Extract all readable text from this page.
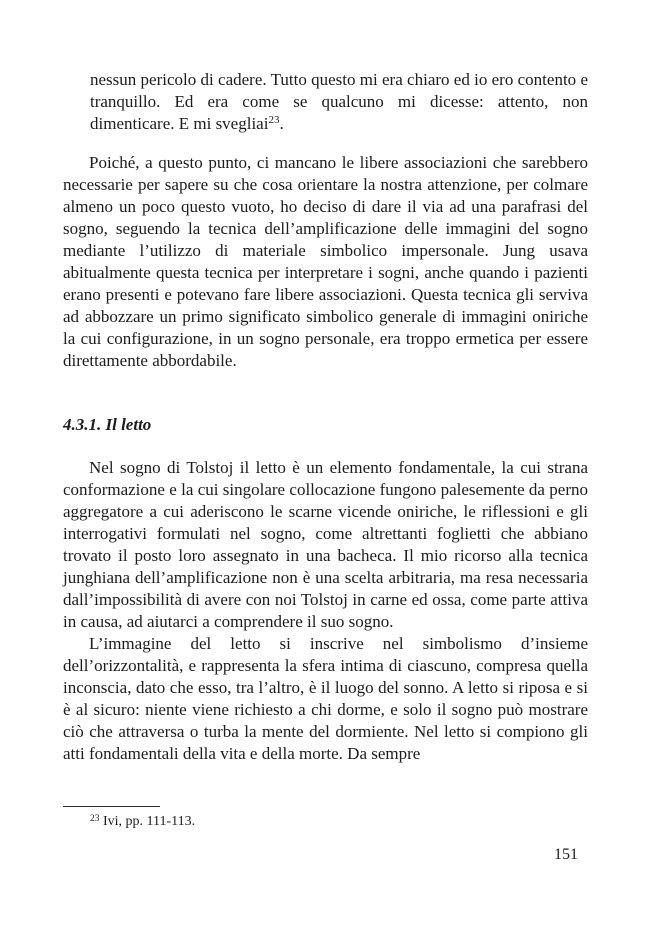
nessun pericolo di cadere. Tutto questo mi era chiaro ed io ero contento e tranquillo. Ed era come se qualcuno mi dicesse: attento, non dimenticare. E mi svegliai$^{23}$.

Poiché, a questo punto, ci mancano le libere associazioni che sarebbero necessarie per sapere su che cosa orientare la nostra attenzione, per colmare almeno un poco questo vuoto, ho deciso di dare il via ad una parafrasi del sogno, seguendo la tecnica dell’amplificazione delle immagini del sogno mediante l’utilizzo di materiale simbolico impersonale. Jung usava abitualmente questa tecnica per interpretare i sogni, anche quando i pazienti erano presenti e potevano fare libere associazioni. Questa tecnica gli serviva ad abbozzare un primo significato simbolico generale di immagini oniriche la cui configurazione, in un sogno personale, era troppo ermetica per essere direttamente abbordabile.

4.3.1. Il letto

Nel sogno di Tolstoj il letto è un elemento fondamentale, la cui strana conformazione e la cui singolare collocazione fungono palesemente da perno aggregatore a cui aderiscono le scarne vicende oniriche, le riflessioni e gli interrogativi formulati nel sogno, come altrettanti foglietti che abbiano trovato il posto loro assegnato in una bacheca. Il mio ricorso alla tecnica junghiana dell’amplificazione non è una scelta arbitraria, ma resa necessaria dall’impossibilità di avere con noi Tolstoj in carne ed ossa, come parte attiva in causa, ad aiutarci a comprendere il suo sogno.

L’immagine del letto si inscrive nel simbolismo d’insieme dell’orizzontalità, e rappresenta la sfera intima di ciascuno, compresa quella inconscia, dato che esso, tra l’altro, è il luogo del sonno. A letto si riposa e si è al sicuro: niente viene richiesto a chi dorme, e solo il sogno può mostrare ciò che attraversa o turba la mente del dormiente. Nel letto si compiono gli atti fondamentali della vita e della morte. Da sempre

$^{23}$ Ivi, pp. 111-113.

151
